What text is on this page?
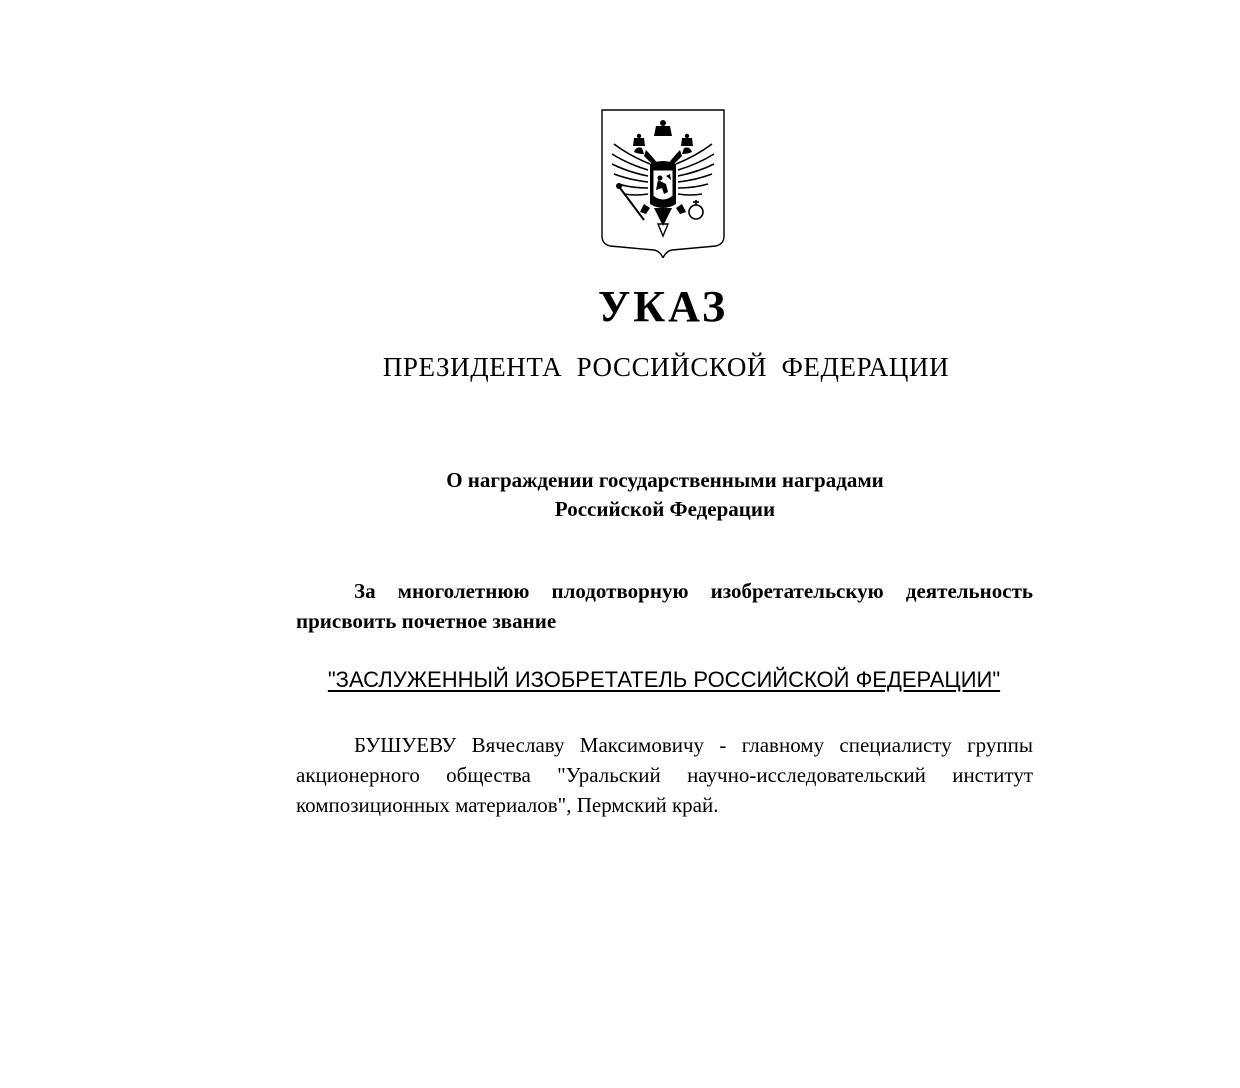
УКАЗ
ПРЕЗИДЕНТА РОССИЙСКОЙ ФЕДЕРАЦИИ
О награждении государственными наградами
Российской Федерации
За многолетнюю плодотворную изобретательскую деятельность присвоить почетное звание
"ЗАСЛУЖЕННЫЙ ИЗОБРЕТАТЕЛЬ РОССИЙСКОЙ ФЕДЕРАЦИИ"
БУШУЕВУ Вячеславу Максимовичу - главному специалисту группы акционерного общества "Уральский научно-исследовательский институт композиционных материалов", Пермский край.
